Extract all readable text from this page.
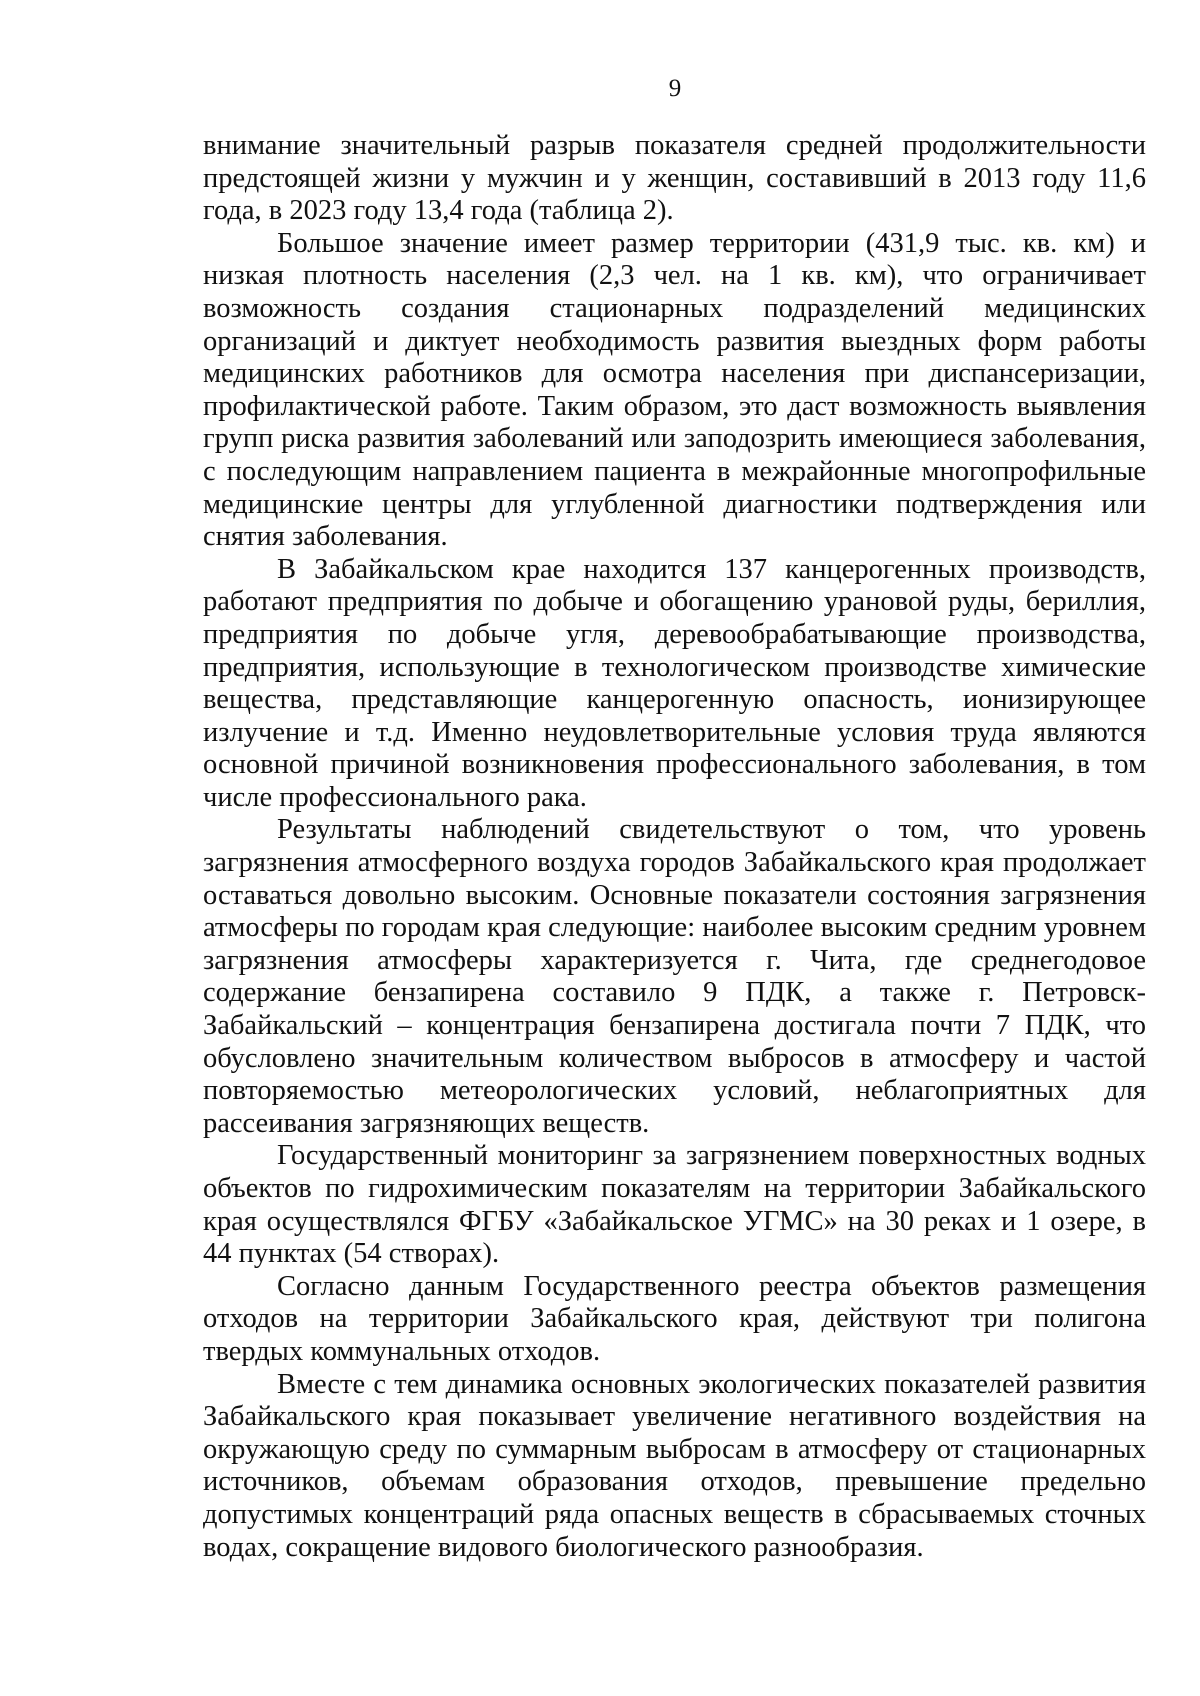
9

внимание значительный разрыв показателя средней продолжительности предстоящей жизни у мужчин и у женщин, составивший в 2013 году 11,6 года, в 2023 году 13,4 года (таблица 2).

Большое значение имеет размер территории (431,9 тыс. кв. км) и низкая плотность населения (2,3 чел. на 1 кв. км), что ограничивает возможность создания стационарных подразделений медицинских организаций и диктует необходимость развития выездных форм работы медицинских работников для осмотра населения при диспансеризации, профилактической работе. Таким образом, это даст возможность выявления групп риска развития заболеваний или заподозрить имеющиеся заболевания, с последующим направлением пациента в межрайонные многопрофильные медицинские центры для углубленной диагностики подтверждения или снятия заболевания.

В Забайкальском крае находится 137 канцерогенных производств, работают предприятия по добыче и обогащению урановой руды, бериллия, предприятия по добыче угля, деревообрабатывающие производства, предприятия, использующие в технологическом производстве химические вещества, представляющие канцерогенную опасность, ионизирующее излучение и т.д. Именно неудовлетворительные условия труда являются основной причиной возникновения профессионального заболевания, в том числе профессионального рака.

Результаты наблюдений свидетельствуют о том, что уровень загрязнения атмосферного воздуха городов Забайкальского края продолжает оставаться довольно высоким. Основные показатели состояния загрязнения атмосферы по городам края следующие: наиболее высоким средним уровнем загрязнения атмосферы характеризуется г. Чита, где среднегодовое содержание бензапирена составило 9 ПДК, а также г. Петровск-Забайкальский – концентрация бензапирена достигала почти 7 ПДК, что обусловлено значительным количеством выбросов в атмосферу и частой повторяемостью метеорологических условий, неблагоприятных для рассеивания загрязняющих веществ.

Государственный мониторинг за загрязнением поверхностных водных объектов по гидрохимическим показателям на территории Забайкальского края осуществлялся ФГБУ «Забайкальское УГМС» на 30 реках и 1 озере, в 44 пунктах (54 створах).

Согласно данным Государственного реестра объектов размещения отходов на территории Забайкальского края, действуют три полигона твердых коммунальных отходов.

Вместе с тем динамика основных экологических показателей развития Забайкальского края показывает увеличение негативного воздействия на окружающую среду по суммарным выбросам в атмосферу от стационарных источников, объемам образования отходов, превышение предельно допустимых концентраций ряда опасных веществ в сбрасываемых сточных водах, сокращение видового биологического разнообразия.
